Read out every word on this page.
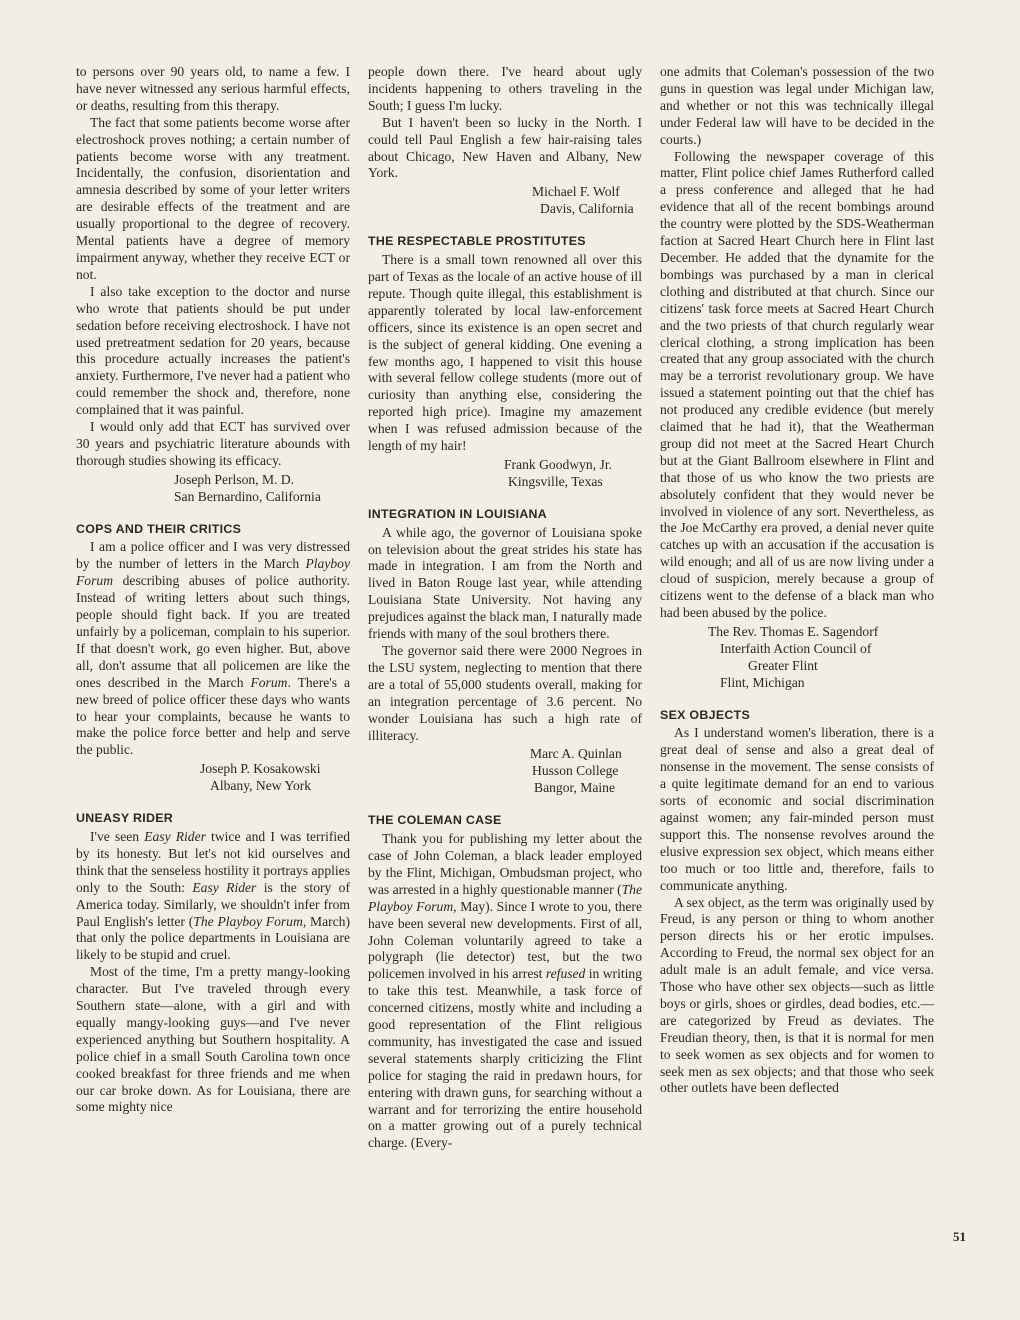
to persons over 90 years old, to name a few. I have never witnessed any serious harmful effects, or deaths, resulting from this therapy.

The fact that some patients become worse after electroshock proves nothing; a certain number of patients become worse with any treatment. Incidentally, the confusion, disorientation and amnesia described by some of your letter writers are desirable effects of the treatment and are usually proportional to the degree of recovery. Mental patients have a degree of memory impairment anyway, whether they receive ECT or not.

I also take exception to the doctor and nurse who wrote that patients should be put under sedation before receiving electroshock. I have not used pretreatment sedation for 20 years, because this procedure actually increases the patient's anxiety. Furthermore, I've never had a patient who could remember the shock and, therefore, none complained that it was painful.

I would only add that ECT has survived over 30 years and psychiatric literature abounds with thorough studies showing its efficacy.

Joseph Perlson, M. D.
San Bernardino, California
COPS AND THEIR CRITICS

I am a police officer and I was very distressed by the number of letters in the March Playboy Forum describing abuses of police authority. Instead of writing letters about such things, people should fight back. If you are treated unfairly by a policeman, complain to his superior. If that doesn't work, go even higher. But, above all, don't assume that all policemen are like the ones described in the March Forum. There's a new breed of police officer these days who wants to hear your complaints, because he wants to make the police force better and help and serve the public.

Joseph P. Kosakowski
Albany, New York
UNEASY RIDER

I've seen Easy Rider twice and I was terrified by its honesty. But let's not kid ourselves and think that the senseless hostility it portrays applies only to the South: Easy Rider is the story of America today. Similarly, we shouldn't infer from Paul English's letter (The Playboy Forum, March) that only the police departments in Louisiana are likely to be stupid and cruel.

Most of the time, I'm a pretty mangy-looking character. But I've traveled through every Southern state—alone, with a girl and with equally mangy-looking guys—and I've never experienced anything but Southern hospitality. A police chief in a small South Carolina town once cooked breakfast for three friends and me when our car broke down. As for Louisiana, there are some mighty nice

people down there. I've heard about ugly incidents happening to others traveling in the South; I guess I'm lucky.

But I haven't been so lucky in the North. I could tell Paul English a few hair-raising tales about Chicago, New Haven and Albany, New York.

Michael F. Wolf
Davis, California
THE RESPECTABLE PROSTITUTES

There is a small town renowned all over this part of Texas as the locale of an active house of ill repute. Though quite illegal, this establishment is apparently tolerated by local law-enforcement officers, since its existence is an open secret and is the subject of general kidding. One evening a few months ago, I happened to visit this house with several fellow college students (more out of curiosity than anything else, considering the reported high price). Imagine my amazement when I was refused admission because of the length of my hair!

Frank Goodwyn, Jr.
Kingsville, Texas
INTEGRATION IN LOUISIANA

A while ago, the governor of Louisiana spoke on television about the great strides his state has made in integration. I am from the North and lived in Baton Rouge last year, while attending Louisiana State University. Not having any prejudices against the black man, I naturally made friends with many of the soul brothers there.

The governor said there were 2000 Negroes in the LSU system, neglecting to mention that there are a total of 55,000 students overall, making for an integration percentage of 3.6 percent. No wonder Louisiana has such a high rate of illiteracy.

Marc A. Quinlan
Husson College
Bangor, Maine
THE COLEMAN CASE

Thank you for publishing my letter about the case of John Coleman, a black leader employed by the Flint, Michigan, Ombudsman project, who was arrested in a highly questionable manner (The Playboy Forum, May). Since I wrote to you, there have been several new developments. First of all, John Coleman voluntarily agreed to take a polygraph (lie detector) test, but the two policemen involved in his arrest refused in writing to take this test. Meanwhile, a task force of concerned citizens, mostly white and including a good representation of the Flint religious community, has investigated the case and issued several statements sharply criticizing the Flint police for staging the raid in predawn hours, for entering with drawn guns, for searching without a warrant and for terrorizing the entire household on a matter growing out of a purely technical charge. (Every-

one admits that Coleman's possession of the two guns in question was legal under Michigan law, and whether or not this was technically illegal under Federal law will have to be decided in the courts.)

Following the newspaper coverage of this matter, Flint police chief James Rutherford called a press conference and alleged that he had evidence that all of the recent bombings around the country were plotted by the SDS-Weatherman faction at Sacred Heart Church here in Flint last December. He added that the dynamite for the bombings was purchased by a man in clerical clothing and distributed at that church. Since our citizens' task force meets at Sacred Heart Church and the two priests of that church regularly wear clerical clothing, a strong implication has been created that any group associated with the church may be a terrorist revolutionary group. We have issued a statement pointing out that the chief has not produced any credible evidence (but merely claimed that he had it), that the Weatherman group did not meet at the Sacred Heart Church but at the Giant Ballroom elsewhere in Flint and that those of us who know the two priests are absolutely confident that they would never be involved in violence of any sort. Nevertheless, as the Joe McCarthy era proved, a denial never quite catches up with an accusation if the accusation is wild enough; and all of us are now living under a cloud of suspicion, merely because a group of citizens went to the defense of a black man who had been abused by the police.

The Rev. Thomas E. Sagendorf
Interfaith Action Council of
Greater Flint
Flint, Michigan
SEX OBJECTS

As I understand women's liberation, there is a great deal of sense and also a great deal of nonsense in the movement. The sense consists of a quite legitimate demand for an end to various sorts of economic and social discrimination against women; any fair-minded person must support this. The nonsense revolves around the elusive expression sex object, which means either too much or too little and, therefore, fails to communicate anything.

A sex object, as the term was originally used by Freud, is any person or thing to whom another person directs his or her erotic impulses. According to Freud, the normal sex object for an adult male is an adult female, and vice versa. Those who have other sex objects—such as little boys or girls, shoes or girdles, dead bodies, etc.—are categorized by Freud as deviates. The Freudian theory, then, is that it is normal for men to seek women as sex objects and for women to seek men as sex objects; and that those who seek other outlets have been deflected

51
